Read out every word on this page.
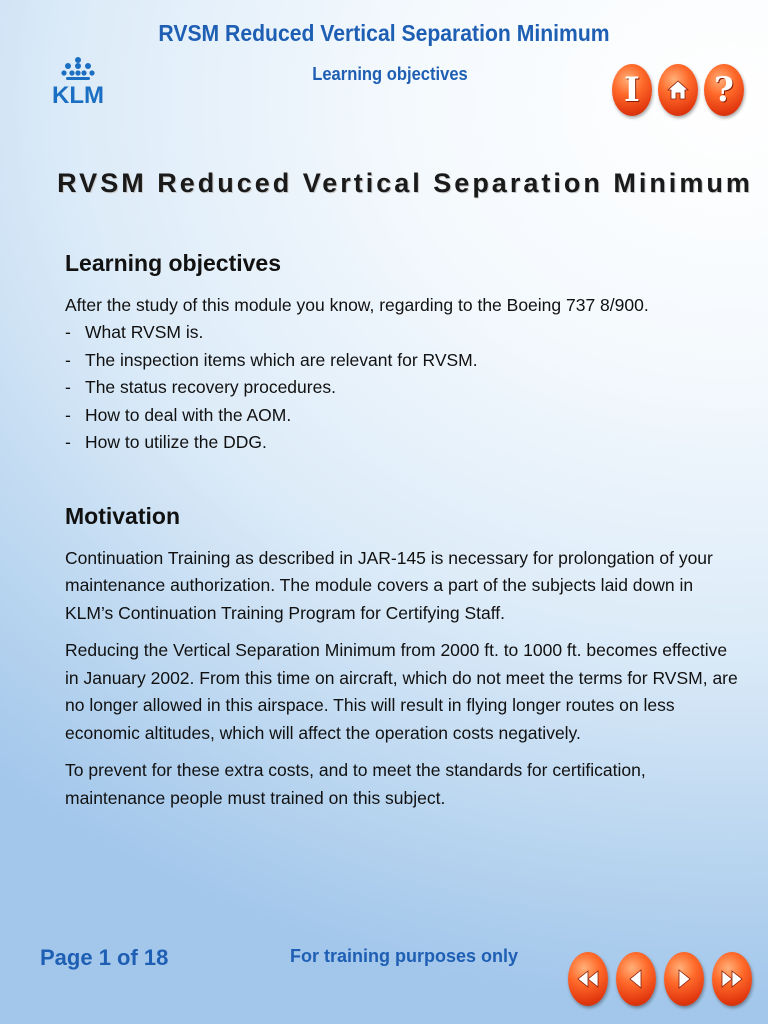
RVSM Reduced Vertical Separation Minimum
Learning objectives
KLM	I	?
RVSM Reduced Vertical Separation Minimum
Learning objectives
After the study of this module you know, regarding to the Boeing 737 8/900.
- What RVSM is.
- The inspection items which are relevant for RVSM.
- The status recovery procedures.
- How to deal with the AOM.
- How to utilize the DDG.
Motivation

Continuation Training as described in JAR-145 is necessary for prolongation of your maintenance authorization. The module covers a part of the subjects laid down in KLM’s Continuation Training Program for Certifying Staff.

Reducing the Vertical Separation Minimum from 2000 ft. to 1000 ft. becomes effective in January 2002. From this time on aircraft, which do not meet the terms for RVSM, are no longer allowed in this airspace. This will result in flying longer routes on less economic altitudes, which will affect the operation costs negatively.

To prevent for these extra costs, and to meet the standards for certification, maintenance people must trained on this subject.

Page 1 of 18	For training purposes only
